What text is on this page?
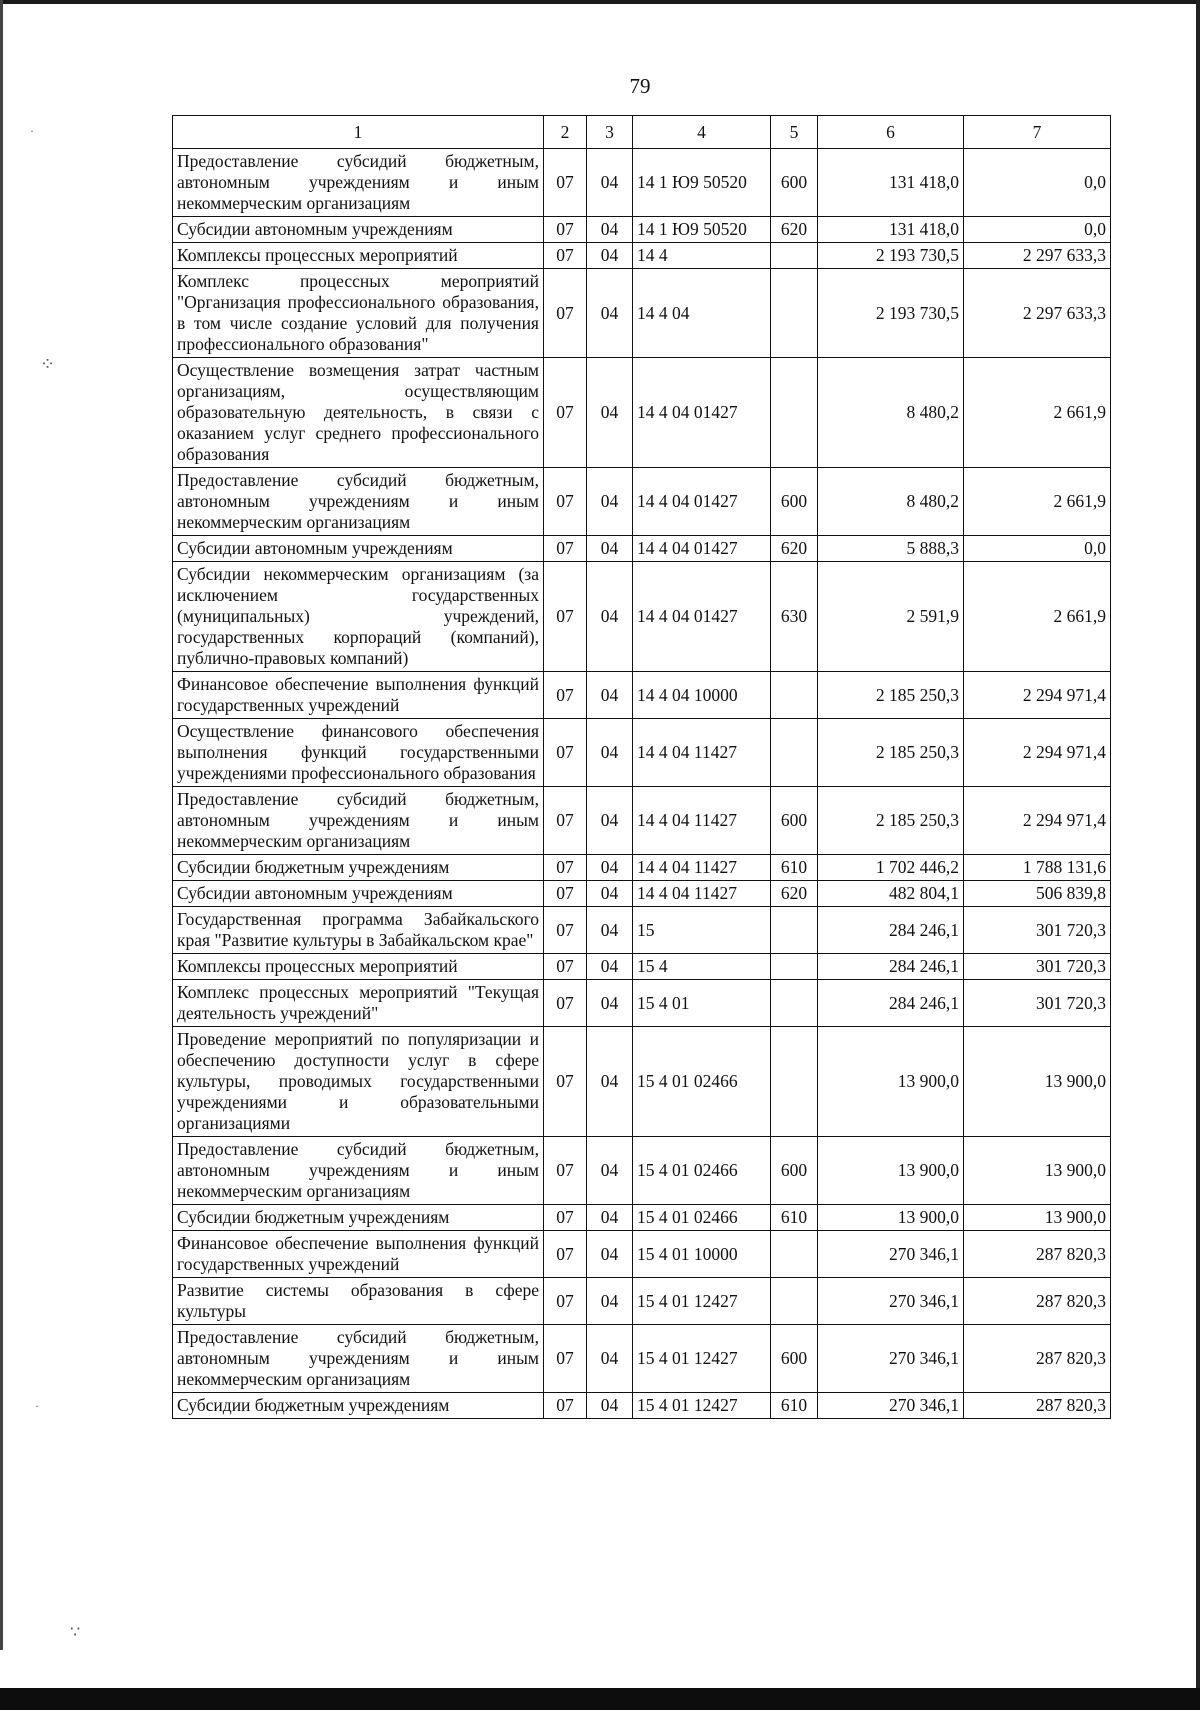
·
⁘
·
∵
79
1	2	3	4	5	6	7
Предоставление субсидий бюджетным, автономным учреждениям и иным некоммерческим организациям	07	04	14 1 Ю9 50520	600	131 418,0	0,0
Субсидии автономным учреждениям	07	04	14 1 Ю9 50520	620	131 418,0	0,0
Комплексы процессных мероприятий	07	04	14 4		2 193 730,5	2 297 633,3
Комплекс процессных мероприятий "Организация профессионального образования, в том числе создание условий для получения профессионального образования"	07	04	14 4 04		2 193 730,5	2 297 633,3
Осуществление возмещения затрат частным организациям, осуществляющим образовательную деятельность, в связи с оказанием услуг среднего профессионального образования	07	04	14 4 04 01427		8 480,2	2 661,9
Предоставление субсидий бюджетным, автономным учреждениям и иным некоммерческим организациям	07	04	14 4 04 01427	600	8 480,2	2 661,9
Субсидии автономным учреждениям	07	04	14 4 04 01427	620	5 888,3	0,0
Субсидии некоммерческим организациям (за исключением государственных (муниципальных) учреждений, государственных корпораций (компаний), публично-правовых компаний)	07	04	14 4 04 01427	630	2 591,9	2 661,9
Финансовое обеспечение выполнения функций государственных учреждений	07	04	14 4 04 10000		2 185 250,3	2 294 971,4
Осуществление финансового обеспечения выполнения функций государственными учреждениями профессионального образования	07	04	14 4 04 11427		2 185 250,3	2 294 971,4
Предоставление субсидий бюджетным, автономным учреждениям и иным некоммерческим организациям	07	04	14 4 04 11427	600	2 185 250,3	2 294 971,4
Субсидии бюджетным учреждениям	07	04	14 4 04 11427	610	1 702 446,2	1 788 131,6
Субсидии автономным учреждениям	07	04	14 4 04 11427	620	482 804,1	506 839,8
Государственная программа Забайкальского края "Развитие культуры в Забайкальском крае"	07	04	15		284 246,1	301 720,3
Комплексы процессных мероприятий	07	04	15 4		284 246,1	301 720,3
Комплекс процессных мероприятий "Текущая деятельность учреждений"	07	04	15 4 01		284 246,1	301 720,3
Проведение мероприятий по популяризации и обеспечению доступности услуг в сфере культуры, проводимых государственными учреждениями и образовательными организациями	07	04	15 4 01 02466		13 900,0	13 900,0
Предоставление субсидий бюджетным, автономным учреждениям и иным некоммерческим организациям	07	04	15 4 01 02466	600	13 900,0	13 900,0
Субсидии бюджетным учреждениям	07	04	15 4 01 02466	610	13 900,0	13 900,0
Финансовое обеспечение выполнения функций государственных учреждений	07	04	15 4 01 10000		270 346,1	287 820,3
Развитие системы образования в сфере культуры	07	04	15 4 01 12427		270 346,1	287 820,3
Предоставление субсидий бюджетным, автономным учреждениям и иным некоммерческим организациям	07	04	15 4 01 12427	600	270 346,1	287 820,3
Субсидии бюджетным учреждениям	07	04	15 4 01 12427	610	270 346,1	287 820,3
